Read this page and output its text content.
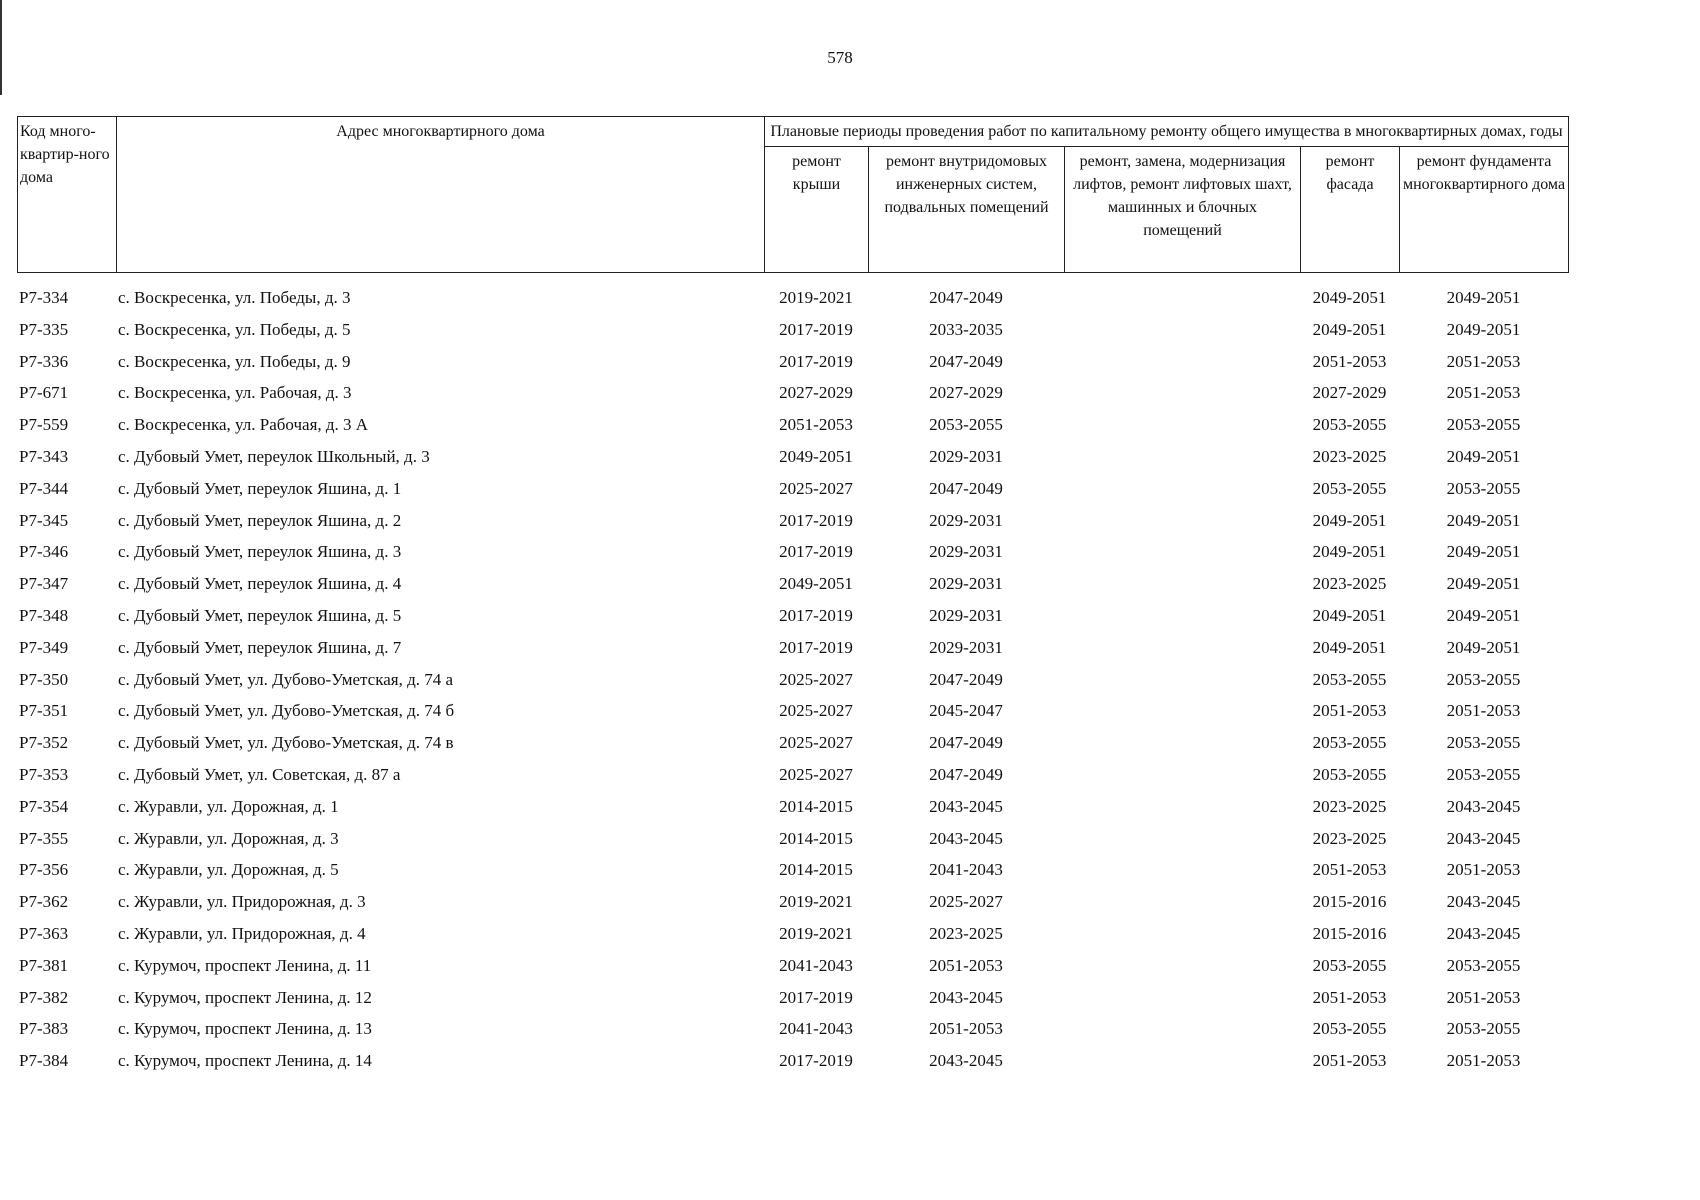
578
Код много-квартир-ного дома	Адрес многоквартирного дома	Плановые периоды проведения работ по капитальному ремонту общего имущества в многоквартирных домах, годы				
		ремонт крыши	ремонт внутридомовых инженерных систем, подвальных помещений	ремонт, замена, модернизация лифтов, ремонт лифтовых шахт, машинных и блочных помещений	ремонт фасада	ремонт фундамента многоквартирного дома
Р7-334	с. Воскресенка, ул. Победы, д. 3	2019-2021	2047-2049		2049-2051	2049-2051
Р7-335	с. Воскресенка, ул. Победы, д. 5	2017-2019	2033-2035		2049-2051	2049-2051
Р7-336	с. Воскресенка, ул. Победы, д. 9	2017-2019	2047-2049		2051-2053	2051-2053
Р7-671	с. Воскресенка, ул. Рабочая, д. 3	2027-2029	2027-2029		2027-2029	2051-2053
Р7-559	с. Воскресенка, ул. Рабочая, д. 3 А	2051-2053	2053-2055		2053-2055	2053-2055
Р7-343	с. Дубовый Умет, переулок Школьный, д. 3	2049-2051	2029-2031		2023-2025	2049-2051
Р7-344	с. Дубовый Умет, переулок Яшина, д. 1	2025-2027	2047-2049		2053-2055	2053-2055
Р7-345	с. Дубовый Умет, переулок Яшина, д. 2	2017-2019	2029-2031		2049-2051	2049-2051
Р7-346	с. Дубовый Умет, переулок Яшина, д. 3	2017-2019	2029-2031		2049-2051	2049-2051
Р7-347	с. Дубовый Умет, переулок Яшина, д. 4	2049-2051	2029-2031		2023-2025	2049-2051
Р7-348	с. Дубовый Умет, переулок Яшина, д. 5	2017-2019	2029-2031		2049-2051	2049-2051
Р7-349	с. Дубовый Умет, переулок Яшина, д. 7	2017-2019	2029-2031		2049-2051	2049-2051
Р7-350	с. Дубовый Умет, ул. Дубово-Уметская, д. 74 а	2025-2027	2047-2049		2053-2055	2053-2055
Р7-351	с. Дубовый Умет, ул. Дубово-Уметская, д. 74 б	2025-2027	2045-2047		2051-2053	2051-2053
Р7-352	с. Дубовый Умет, ул. Дубово-Уметская, д. 74 в	2025-2027	2047-2049		2053-2055	2053-2055
Р7-353	с. Дубовый Умет, ул. Советская, д. 87 а	2025-2027	2047-2049		2053-2055	2053-2055
Р7-354	с. Журавли, ул. Дорожная, д. 1	2014-2015	2043-2045		2023-2025	2043-2045
Р7-355	с. Журавли, ул. Дорожная, д. 3	2014-2015	2043-2045		2023-2025	2043-2045
Р7-356	с. Журавли, ул. Дорожная, д. 5	2014-2015	2041-2043		2051-2053	2051-2053
Р7-362	с. Журавли, ул. Придорожная, д. 3	2019-2021	2025-2027		2015-2016	2043-2045
Р7-363	с. Журавли, ул. Придорожная, д. 4	2019-2021	2023-2025		2015-2016	2043-2045
Р7-381	с. Курумоч, проспект Ленина, д. 11	2041-2043	2051-2053		2053-2055	2053-2055
Р7-382	с. Курумоч, проспект Ленина, д. 12	2017-2019	2043-2045		2051-2053	2051-2053
Р7-383	с. Курумоч, проспект Ленина, д. 13	2041-2043	2051-2053		2053-2055	2053-2055
Р7-384	с. Курумоч, проспект Ленина, д. 14	2017-2019	2043-2045		2051-2053	2051-2053
